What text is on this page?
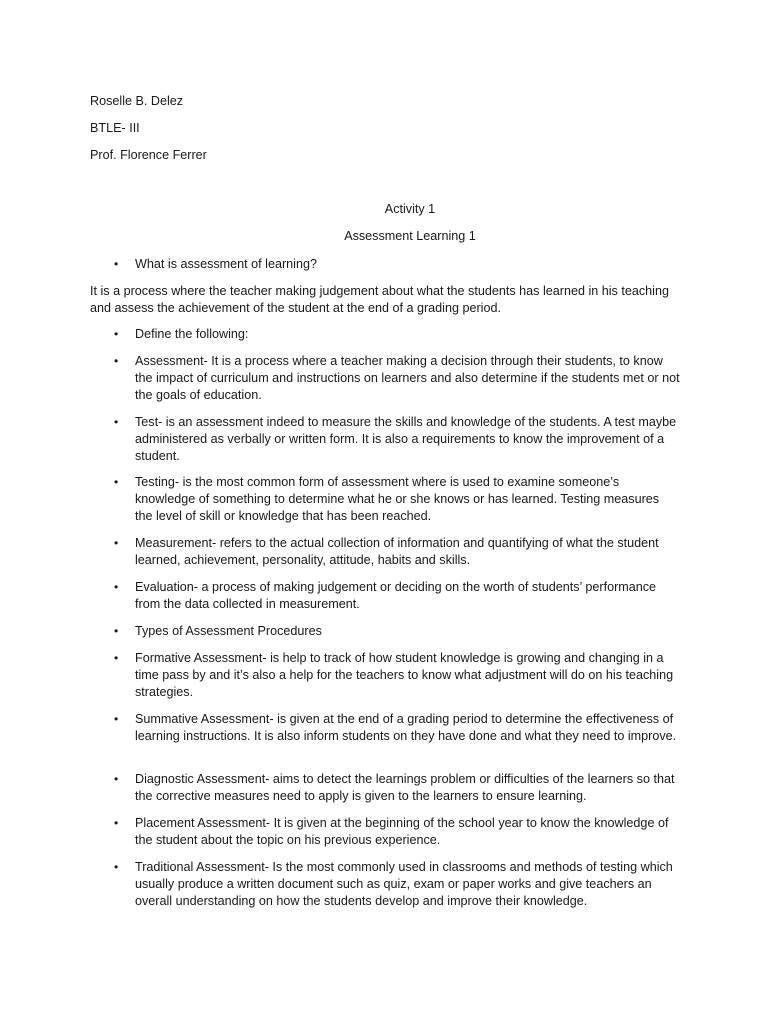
Roselle B. Delez
BTLE- III
Prof. Florence Ferrer
Activity 1
Assessment Learning 1
• What is assessment of learning?
It is a process where the teacher making judgement about what the students has learned in his teaching and assess the achievement of the student at the end of a grading period.
• Define the following:
• Assessment- It is a process where a teacher making a decision through their students, to know the impact of curriculum and instructions on learners and also determine if the students met or not the goals of education.
• Test- is an assessment indeed to measure the skills and knowledge of the students. A test maybe administered as verbally or written form. It is also a requirements to know the improvement of a student.
• Testing- is the most common form of assessment where is used to examine someone’s knowledge of something to determine what he or she knows or has learned. Testing measures the level of skill or knowledge that has been reached.
• Measurement- refers to the actual collection of information and quantifying of what the student learned, achievement, personality, attitude, habits and skills.
• Evaluation- a process of making judgement or deciding on the worth of students’ performance from the data collected in measurement.
• Types of Assessment Procedures
• Formative Assessment- is help to track of how student knowledge is growing and changing in a time pass by and it’s also a help for the teachers to know what adjustment will do on his teaching strategies.
• Summative Assessment- is given at the end of a grading period to determine the effectiveness of learning instructions. It is also inform students on they have done and what they need to improve.
• Diagnostic Assessment- aims to detect the learnings problem or difficulties of the learners so that the corrective measures need to apply is given to the learners to ensure learning.
• Placement Assessment- It is given at the beginning of the school year to know the knowledge of the student about the topic on his previous experience.
• Traditional Assessment- Is the most commonly used in classrooms and methods of testing which usually produce a written document such as quiz, exam or paper works and give teachers an overall understanding on how the students develop and improve their knowledge.
